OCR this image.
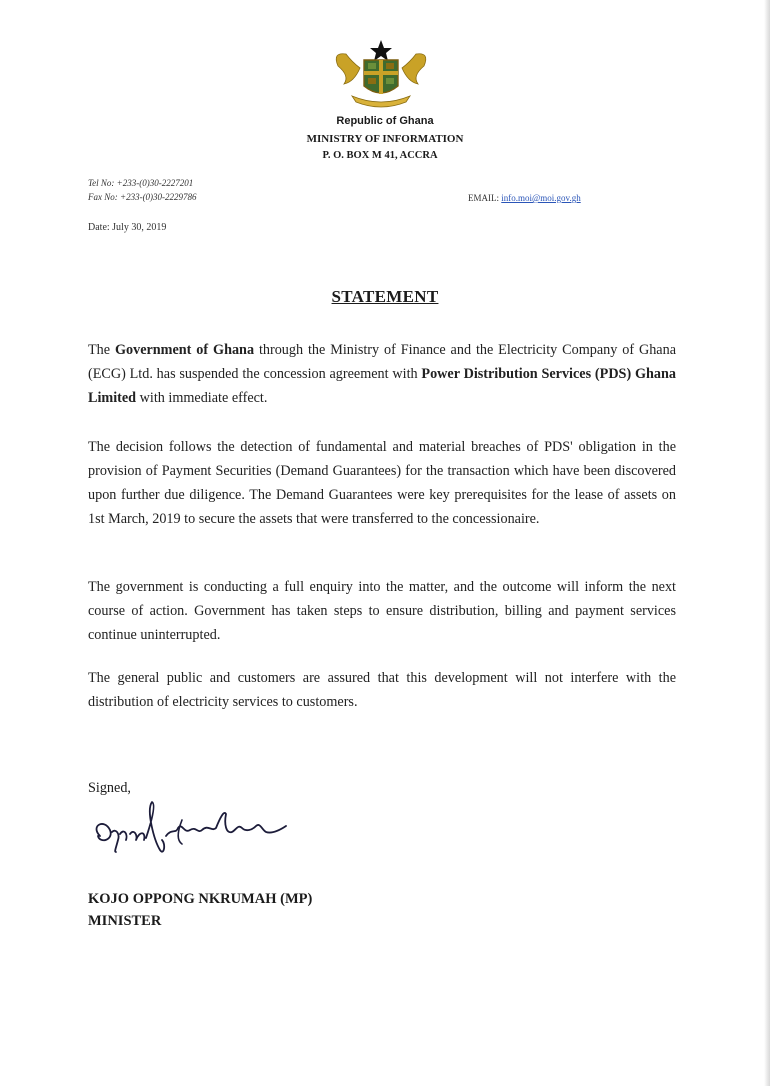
Republic of Ghana
MINISTRY OF INFORMATION
P. O. BOX M 41, ACCRA
Tel No: +233-(0)30-2227201
Fax No: +233-(0)30-2229786	EMAIL: info.moi@moi.gov.gh
Date: July 30, 2019
STATEMENT

The Government of Ghana through the Ministry of Finance and the Electricity Company of Ghana (ECG) Ltd. has suspended the concession agreement with Power Distribution Services (PDS) Ghana Limited with immediate effect.

The decision follows the detection of fundamental and material breaches of PDS' obligation in the provision of Payment Securities (Demand Guarantees) for the transaction which have been discovered upon further due diligence. The Demand Guarantees were key prerequisites for the lease of assets on 1st March, 2019 to secure the assets that were transferred to the concessionaire.

The government is conducting a full enquiry into the matter, and the outcome will inform the next course of action. Government has taken steps to ensure distribution, billing and payment services continue uninterrupted.

The general public and customers are assured that this development will not interfere with the distribution of electricity services to customers.

Signed,
KOJO OPPONG NKRUMAH (MP)
MINISTER
